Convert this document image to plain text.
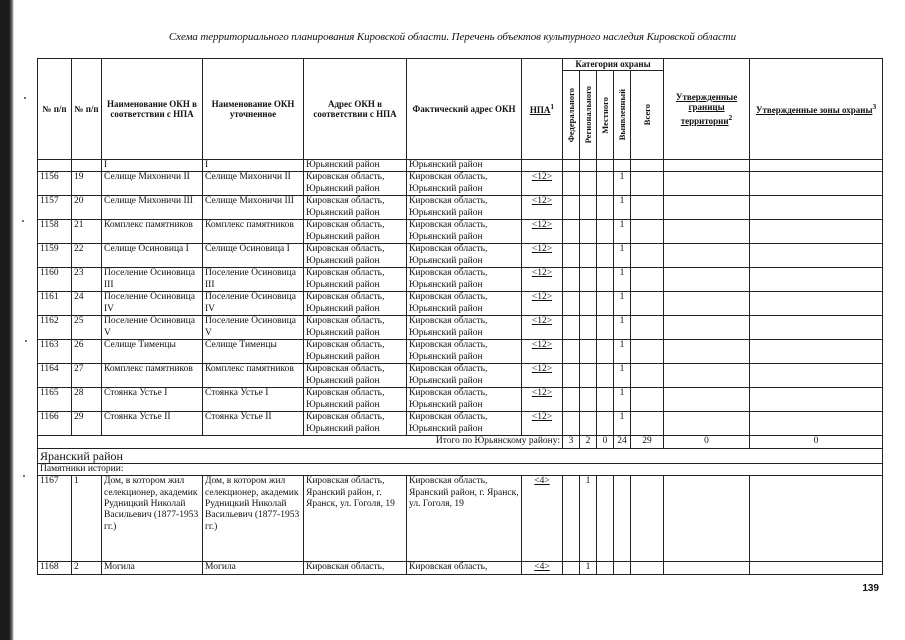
Схема территориального планирования Кировской области. Перечень объектов культурного наследия Кировской области
№ п/п	№ п/п	Наименование ОКН в соответствии с НПА	Наименование ОКН уточненное	Адрес ОКН в соответствии с НПА	Фактический адрес ОКН	НПА$^1$	Категория охраны					Утвержденные границы территории$^2$	Утвержденные зоны охраны$^3$

							Федерального	Регионального	Местного	Выявленный	Всего		

		I	I	Юрьянский район	Юрьянский район								
1156	19	Селище Михоничи II	Селище Михоничи II	Кировская область, Юрьянский район	Кировская область, Юрьянский район	<12>				1			
1157	20	Селище Михоничи III	Селище Михоничи III	Кировская область, Юрьянский район	Кировская область, Юрьянский район	<12>				1			
1158	21	Комплекс памятников	Комплекс памятников	Кировская область, Юрьянский район	Кировская область, Юрьянский район	<12>				1			
1159	22	Селище Осиновица I	Селище Осиновица I	Кировская область, Юрьянский район	Кировская область, Юрьянский район	<12>				1			
1160	23	Поселение Осиновица III	Поселение Осиновица III	Кировская область, Юрьянский район	Кировская область, Юрьянский район	<12>				1			
1161	24	Поселение Осиновица IV	Поселение Осиновица IV	Кировская область, Юрьянский район	Кировская область, Юрьянский район	<12>				1			
1162	25	Поселение Осиновица V	Поселение Осиновица V	Кировская область, Юрьянский район	Кировская область, Юрьянский район	<12>				1			
1163	26	Селище Тименцы	Селище Тименцы	Кировская область, Юрьянский район	Кировская область, Юрьянский район	<12>				1			
1164	27	Комплекс памятников	Комплекс памятников	Кировская область, Юрьянский район	Кировская область, Юрьянский район	<12>				1			
1165	28	Стоянка Устье I	Стоянка Устье I	Кировская область, Юрьянский район	Кировская область, Юрьянский район	<12>				1			
1166	29	Стоянка Устье II	Стоянка Устье II	Кировская область, Юрьянский район	Кировская область, Юрьянский район	<12>				1			
Итого по Юрьянскому району:							3	2	0	24	29	0	0
Яранский район													
Памятники истории:													
1167	1	Дом, в котором жил селекционер, академик Рудницкий Николай Васильевич (1877-1953 гг.)	Дом, в котором жил селекционер, академик Рудницкий Николай Васильевич (1877-1953 гг.)	Кировская область, Яранский район, г. Яранск, ул. Гоголя, 19	Кировская область, Яранский район, г. Яранск, ул. Гоголя, 19	<4>		1					
1168	2	Могила	Могила	Кировская область,	Кировская область,	<4>		1					
139
